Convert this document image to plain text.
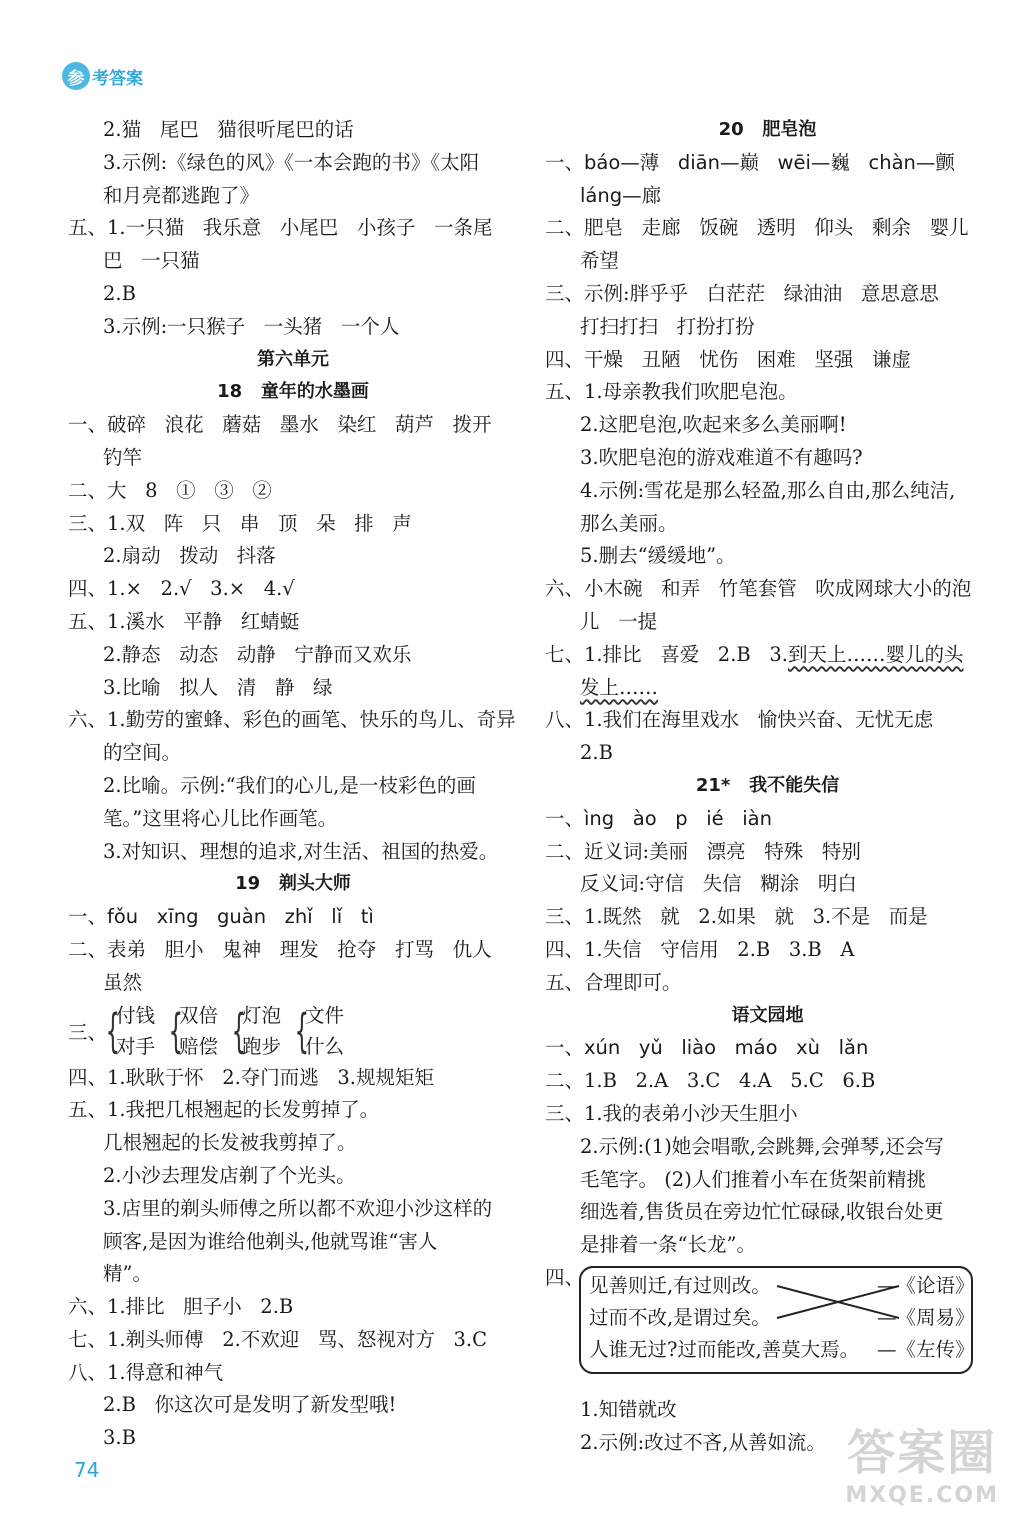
参 考答案
2.猫   尾巴   猫很听尾巴的话
3.示例:《绿色的风》《一本会跑的书》《太阳
和月亮都逃跑了》
五、1.一只猫   我乐意   小尾巴   小孩子   一条尾
巴   一只猫
2.B
3.示例:一只猴子   一头猪   一个人
第六单元
18   童年的水墨画
一、破碎   浪花   蘑菇   墨水   染红   葫芦   拨开
钓竿
二、大   8   ①   ③   ②
三、1.双   阵   只   串   顶   朵   排   声
2.扇动   拨动   抖落
四、1.×   2.√   3.×   4.√
五、1.溪水   平静   红蜻蜓
2.静态   动态   动静   宁静而又欢乐
3.比喻   拟人   清   静   绿
六、1.勤劳的蜜蜂、彩色的画笔、快乐的鸟儿、奇异
的空间。
2.比喻。示例:“我们的心儿,是一枝彩色的画
笔。”这里将心儿比作画笔。
3.对知识、理想的追求,对生活、祖国的热爱。
19   剃头大师
一、fǒu   xīng   guàn   zhǐ   lǐ   tì
二、表弟   胆小   鬼神   理发   抢夺   打骂   仇人
虽然
三、
{
付钱
对手 {
双倍
赔偿 {
灯泡
跑步 {
文件
什么
四、1.耿耿于怀   2.夺门而逃   3.规规矩矩
五、1.我把几根翘起的长发剪掉了。
几根翘起的长发被我剪掉了。
2.小沙去理发店剃了个光头。
3.店里的剃头师傅之所以都不欢迎小沙这样的
顾客,是因为谁给他剃头,他就骂谁“害人
精”。
六、1.排比   胆子小   2.B
七、1.剃头师傅   2.不欢迎   骂、怒视对方   3.C
八、1.得意和神气
2.B   你这次可是发明了新发型哦!
3.B
20   肥皂泡
一、báo—薄   diān—巅   wēi—巍   chàn—颤
láng—廊
二、肥皂   走廊   饭碗   透明   仰头   剩余   婴儿
希望
三、示例:胖乎乎   白茫茫   绿油油   意思意思
打扫打扫   打扮打扮
四、干燥   丑陋   忧伤   困难   坚强   谦虚
五、1.母亲教我们吹肥皂泡。
2.这肥皂泡,吹起来多么美丽啊!
3.吹肥皂泡的游戏难道不有趣吗?
4.示例:雪花是那么轻盈,那么自由,那么纯洁,
那么美丽。
5.删去“缓缓地”。
六、小木碗   和弄   竹笔套管   吹成网球大小的泡
儿   一提
七、1.排比   喜爱   2.B   3.到天上……婴儿的头
发上……
八、1.我们在海里戏水   愉快兴奋、无忧无虑
2.B
21*   我不能失信
一、ìng   ào   p   ié   iàn
二、近义词:美丽   漂亮   特殊   特别
反义词:守信   失信   糊涂   明白
三、1.既然   就   2.如果   就   3.不是   而是
四、1.失信   守信用   2.B   3.B   A
五、合理即可。
语文园地
一、xún   yǔ   liào   máo   xù   lǎn
二、1.B   2.A   3.C   4.A   5.C   6.B
三、1.我的表弟小沙天生胆小
2.示例:(1)她会唱歌,会跳舞,会弹琴,还会写
毛笔字。 (2)人们推着小车在货架前精挑
细选着,售货员在旁边忙忙碌碌,收银台处更
是排着一条“长龙”。
四、 见善则迁,有过则改。
过而不改,是谓过矣。
人谁无过?过而能改,善莫大焉。
—《论语》
—《周易》
—《左传》
1.知错就改
2.示例:改过不吝,从善如流。
74	答案圈
MXQE.COM
